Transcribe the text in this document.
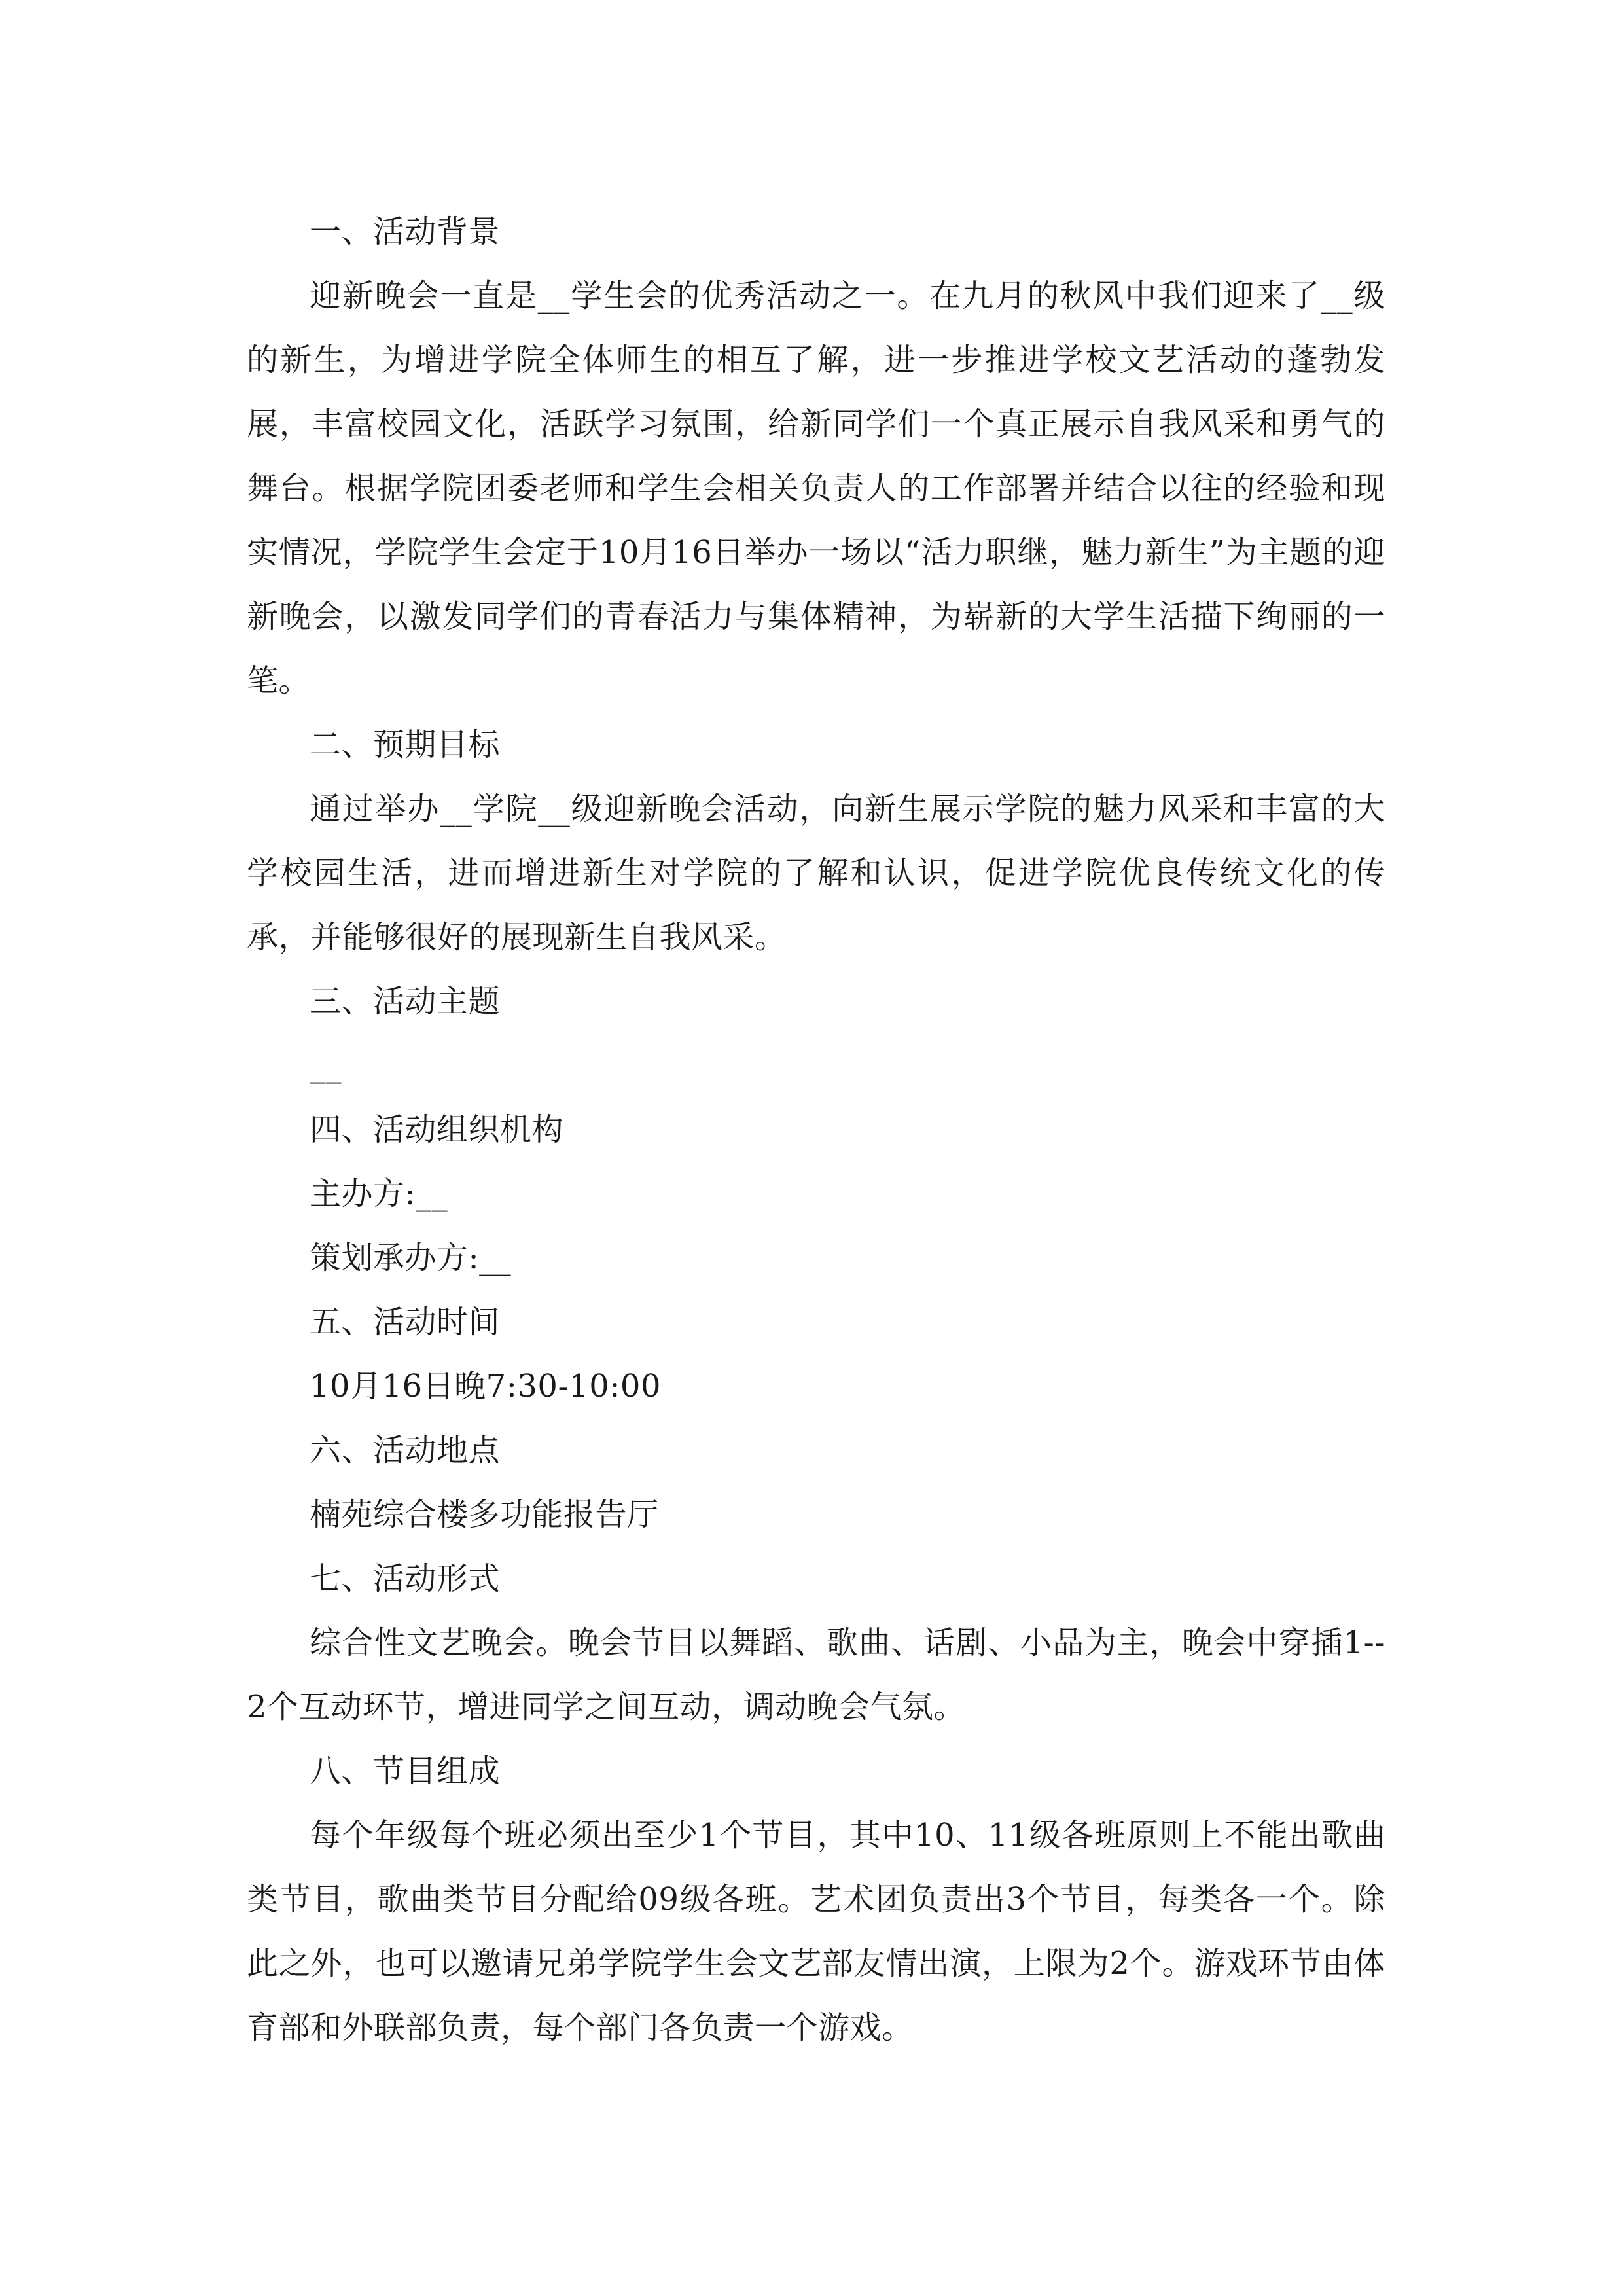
一、活动背景

迎新晚会一直是__学生会的优秀活动之一。在九月的秋风中我们迎来了__级的新生，为增进学院全体师生的相互了解，进一步推进学校文艺活动的蓬勃发展，丰富校园文化，活跃学习氛围，给新同学们一个真正展示自我风采和勇气的舞台。根据学院团委老师和学生会相关负责人的工作部署并结合以往的经验和现实情况，学院学生会定于10月16日举办一场以“活力职继，魅力新生”为主题的迎新晚会，以激发同学们的青春活力与集体精神，为崭新的大学生活描下绚丽的一笔。

二、预期目标

通过举办__学院__级迎新晚会活动，向新生展示学院的魅力风采和丰富的大学校园生活，进而增进新生对学院的了解和认识，促进学院优良传统文化的传承，并能够很好的展现新生自我风采。

三、活动主题

__

四、活动组织机构

主办方:__

策划承办方:__

五、活动时间

10月16日晚7:30-10:00

六、活动地点

楠苑综合楼多功能报告厅

七、活动形式

综合性文艺晚会。晚会节目以舞蹈、歌曲、话剧、小品为主，晚会中穿插1--2个互动环节，增进同学之间互动，调动晚会气氛。

八、节目组成

每个年级每个班必须出至少1个节目，其中10、11级各班原则上不能出歌曲类节目，歌曲类节目分配给09级各班。艺术团负责出3个节目，每类各一个。除此之外，也可以邀请兄弟学院学生会文艺部友情出演，上限为2个。游戏环节由体育部和外联部负责，每个部门各负责一个游戏。
